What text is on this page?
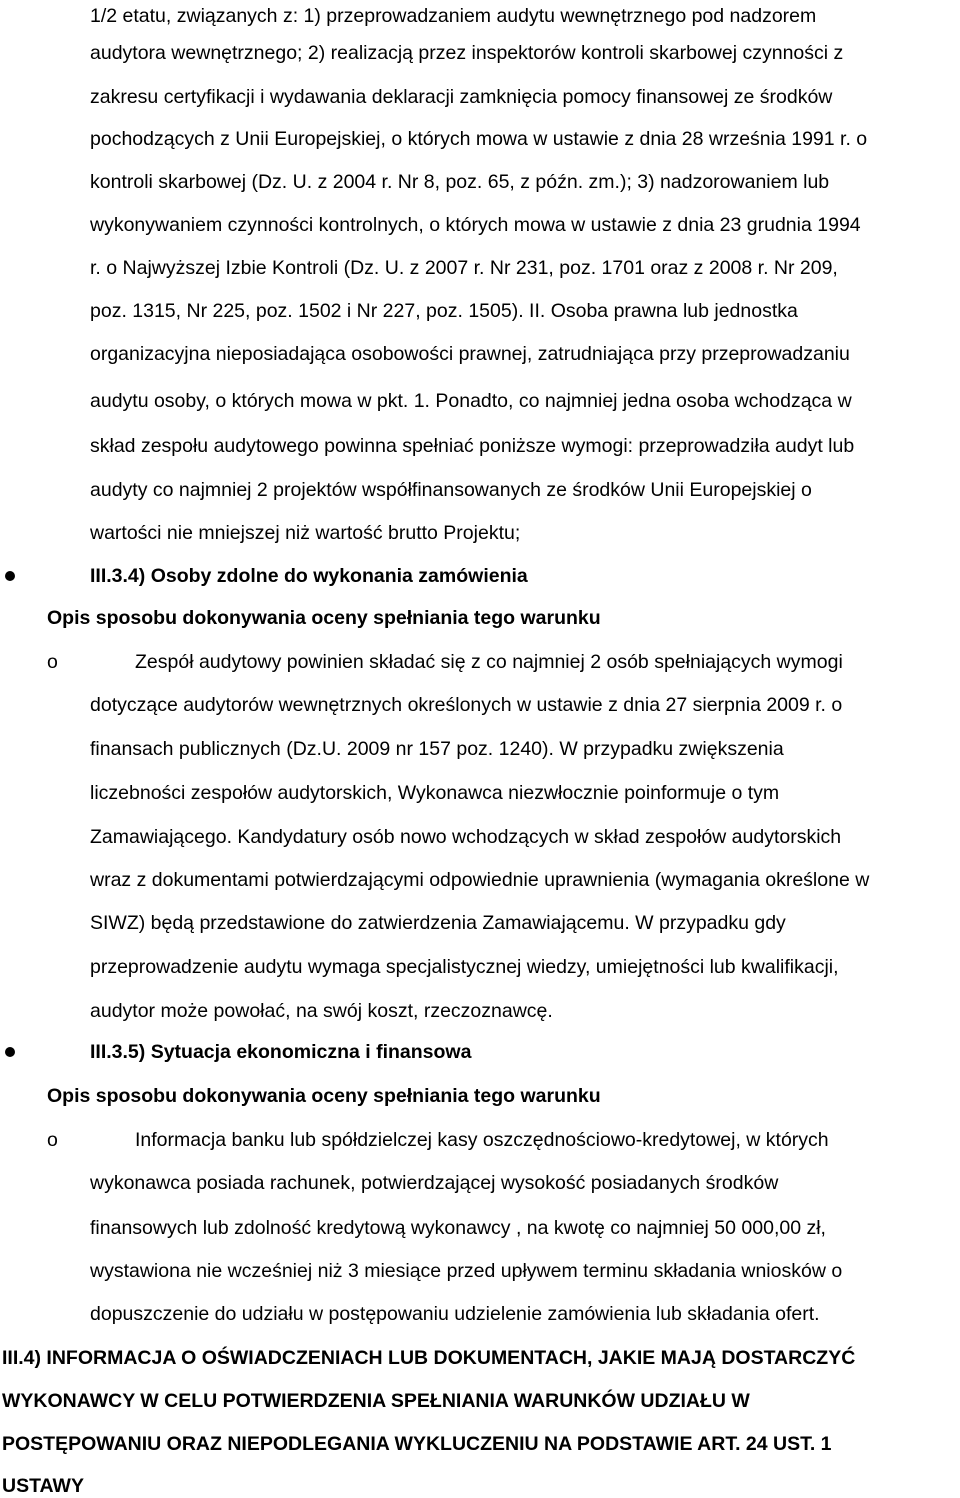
1/2 etatu, związanych z: 1) przeprowadzaniem audytu wewnętrznego pod nadzorem
audytora wewnętrznego; 2) realizacją przez inspektorów kontroli skarbowej czynności z
zakresu certyfikacji i wydawania deklaracji zamknięcia pomocy finansowej ze środków
pochodzących z Unii Europejskiej, o których mowa w ustawie z dnia 28 września 1991 r. o
kontroli skarbowej (Dz. U. z 2004 r. Nr 8, poz. 65, z późn. zm.); 3) nadzorowaniem lub
wykonywaniem czynności kontrolnych, o których mowa w ustawie z dnia 23 grudnia 1994
r. o Najwyższej Izbie Kontroli (Dz. U. z 2007 r. Nr 231, poz. 1701 oraz z 2008 r. Nr 209,
poz. 1315, Nr 225, poz. 1502 i Nr 227, poz. 1505). II. Osoba prawna lub jednostka
organizacyjna nieposiadająca osobowości prawnej, zatrudniająca przy przeprowadzaniu
audytu osoby, o których mowa w pkt. 1. Ponadto, co najmniej jedna osoba wchodząca w
skład zespołu audytowego powinna spełniać poniższe wymogi: przeprowadziła audyt lub
audyty co najmniej 2 projektów współfinansowanych ze środków Unii Europejskiej o
wartości nie mniejszej niż wartość brutto Projektu;
III.3.4) Osoby zdolne do wykonania zamówienia
Opis sposobu dokonywania oceny spełniania tego warunku
o	Zespół audytowy powinien składać się z co najmniej 2 osób spełniających wymogi
dotyczące audytorów wewnętrznych określonych w ustawie z dnia 27 sierpnia 2009 r. o
finansach publicznych (Dz.U. 2009 nr 157 poz. 1240). W przypadku zwiększenia
liczebności zespołów audytorskich, Wykonawca niezwłocznie poinformuje o tym
Zamawiającego. Kandydatury osób nowo wchodzących w skład zespołów audytorskich
wraz z dokumentami potwierdzającymi odpowiednie uprawnienia (wymagania określone w
SIWZ) będą przedstawione do zatwierdzenia Zamawiającemu. W przypadku gdy
przeprowadzenie audytu wymaga specjalistycznej wiedzy, umiejętności lub kwalifikacji,
audytor może powołać, na swój koszt, rzeczoznawcę.
III.3.5) Sytuacja ekonomiczna i finansowa
Opis sposobu dokonywania oceny spełniania tego warunku
o	Informacja banku lub spółdzielczej kasy oszczędnościowo-kredytowej, w których
wykonawca posiada rachunek, potwierdzającej wysokość posiadanych środków
finansowych lub zdolność kredytową wykonawcy , na kwotę co najmniej 50 000,00 zł,
wystawiona nie wcześniej niż 3 miesiące przed upływem terminu składania wniosków o
dopuszczenie do udziału w postępowaniu udzielenie zamówienia lub składania ofert.
III.4) INFORMACJA O OŚWIADCZENIACH LUB DOKUMENTACH, JAKIE MAJĄ DOSTARCZYĆ
WYKONAWCY W CELU POTWIERDZENIA SPEŁNIANIA WARUNKÓW UDZIAŁU W
POSTĘPOWANIU ORAZ NIEPODLEGANIA WYKLUCZENIU NA PODSTAWIE ART. 24 UST. 1
USTAWY
